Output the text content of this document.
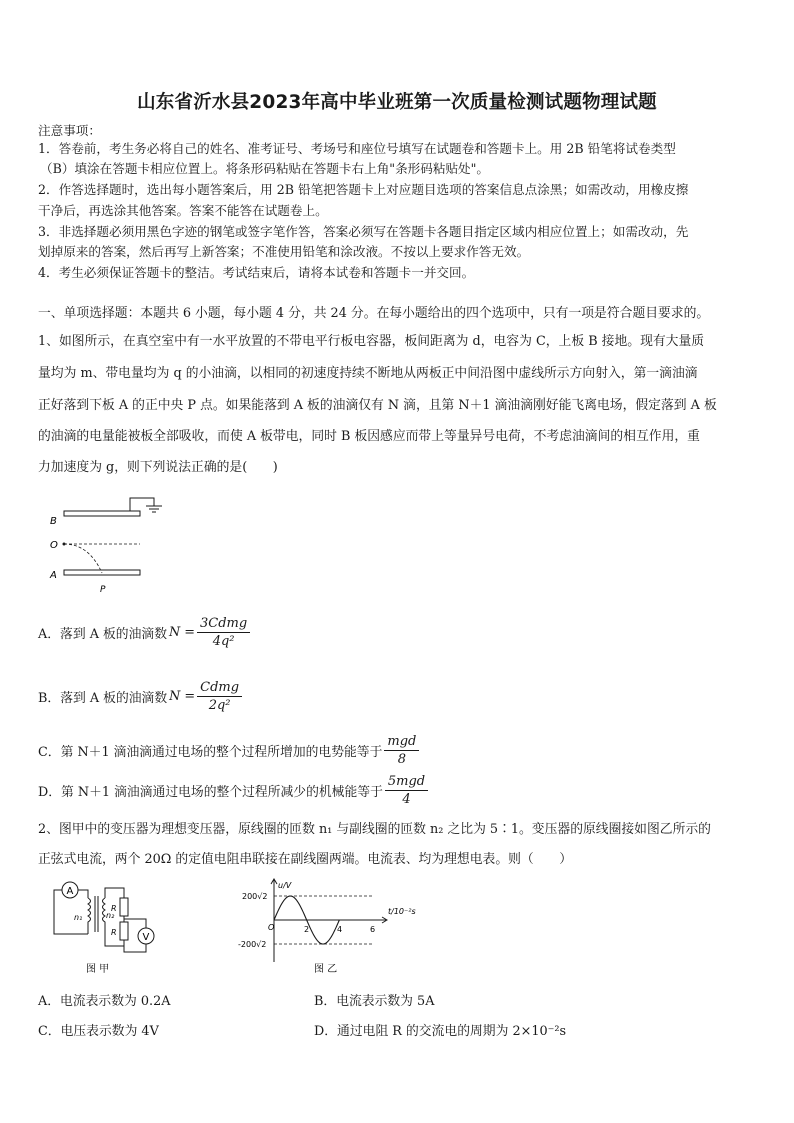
山东省沂水县2023年高中毕业班第一次质量检测试题物理试题
注意事项：
1．答卷前，考生务必将自己的姓名、准考证号、考场号和座位号填写在试题卷和答题卡上。用 2B 铅笔将试卷类型
（B）填涂在答题卡相应位置上。将条形码粘贴在答题卡右上角"条形码粘贴处"。
2．作答选择题时，选出每小题答案后，用 2B 铅笔把答题卡上对应题目选项的答案信息点涂黑；如需改动，用橡皮擦
干净后，再选涂其他答案。答案不能答在试题卷上。
3．非选择题必须用黑色字迹的钢笔或签字笔作答，答案必须写在答题卡各题目指定区域内相应位置上；如需改动，先
划掉原来的答案，然后再写上新答案；不准使用铅笔和涂改液。不按以上要求作答无效。
4．考生必须保证答题卡的整洁。考试结束后，请将本试卷和答题卡一并交回。
一、单项选择题：本题共 6 小题，每小题 4 分，共 24 分。在每小题给出的四个选项中，只有一项是符合题目要求的。
1、如图所示，在真空室中有一水平放置的不带电平行板电容器，板间距离为 d，电容为 C，上板 B 接地。现有大量质
量均为 m、带电量均为 q 的小油滴，以相同的初速度持续不断地从两板正中间沿图中虚线所示方向射入，第一滴油滴
正好落到下板 A 的正中央 P 点。如果能落到 A 板的油滴仅有 N 滴，且第 N＋1 滴油滴刚好能飞离电场，假定落到 A 板
的油滴的电量能被板全部吸收，而使 A 板带电，同时 B 板因感应而带上等量异号电荷，不考虑油滴间的相互作用，重
力加速度为 g，则下列说法正确的是(　　)
B
O
A
P
A．落到 A 板的油滴数 $N = \frac{\text{3Cdmg}}{\text{4q²}}$
B．落到 A 板的油滴数 $N = \frac{\text{Cdmg}}{\text{2q²}}$
C．第 N＋1 滴油滴通过电场的整个过程所增加的电势能等于 $\frac{\text{mgd}}{8}$
D．第 N＋1 滴油滴通过电场的整个过程所减少的机械能等于 $\frac{\text{5mgd}}{4}$
2、图甲中的变压器为理想变压器，原线圈的匝数 n₁ 与副线圈的匝数 n₂ 之比为 5∶1。变压器的原线圈接如图乙所示的
正弦式电流，两个 20Ω 的定值电阻串联接在副线圈两端。电流表、均为理想电表。则（　　）
A
n₁	n₂
R
R	V
图 甲
u/V
t/10⁻²s
200√2
-200√2
O	2	4	6
图 乙
A．电流表示数为 0.2A	B．电流表示数为 5A
C．电压表示数为 4V	D．通过电阻 R 的交流电的周期为 2×10⁻²s
